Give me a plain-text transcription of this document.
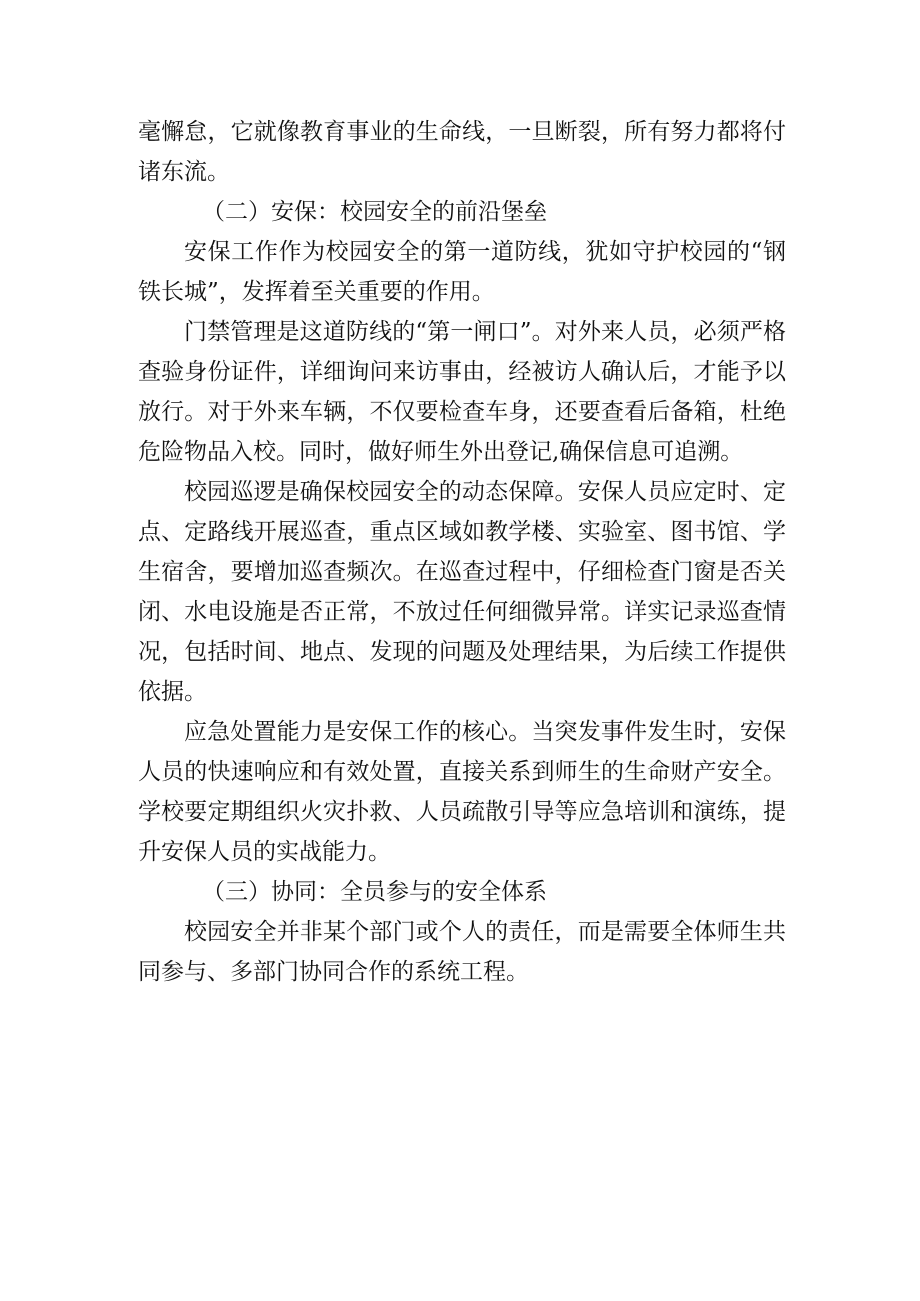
毫懈怠，它就像教育事业的生命线，一旦断裂，所有努力都将付诸东流。

（二）安保：校园安全的前沿堡垒

安保工作作为校园安全的第一道防线，犹如守护校园的“钢铁长城”，发挥着至关重要的作用。

门禁管理是这道防线的“第一闸口”。对外来人员，必须严格查验身份证件，详细询问来访事由，经被访人确认后，才能予以放行。对于外来车辆，不仅要检查车身，还要查看后备箱，杜绝危险物品入校。同时，做好师生外出登记,确保信息可追溯。

校园巡逻是确保校园安全的动态保障。安保人员应定时、定点、定路线开展巡查，重点区域如教学楼、实验室、图书馆、学生宿舍，要增加巡查频次。在巡查过程中，仔细检查门窗是否关闭、水电设施是否正常，不放过任何细微异常。详实记录巡查情况，包括时间、地点、发现的问题及处理结果，为后续工作提供依据。

应急处置能力是安保工作的核心。当突发事件发生时，安保人员的快速响应和有效处置，直接关系到师生的生命财产安全。学校要定期组织火灾扑救、人员疏散引导等应急培训和演练，提升安保人员的实战能力。

（三）协同：全员参与的安全体系

校园安全并非某个部门或个人的责任，而是需要全体师生共同参与、多部门协同合作的系统工程。
